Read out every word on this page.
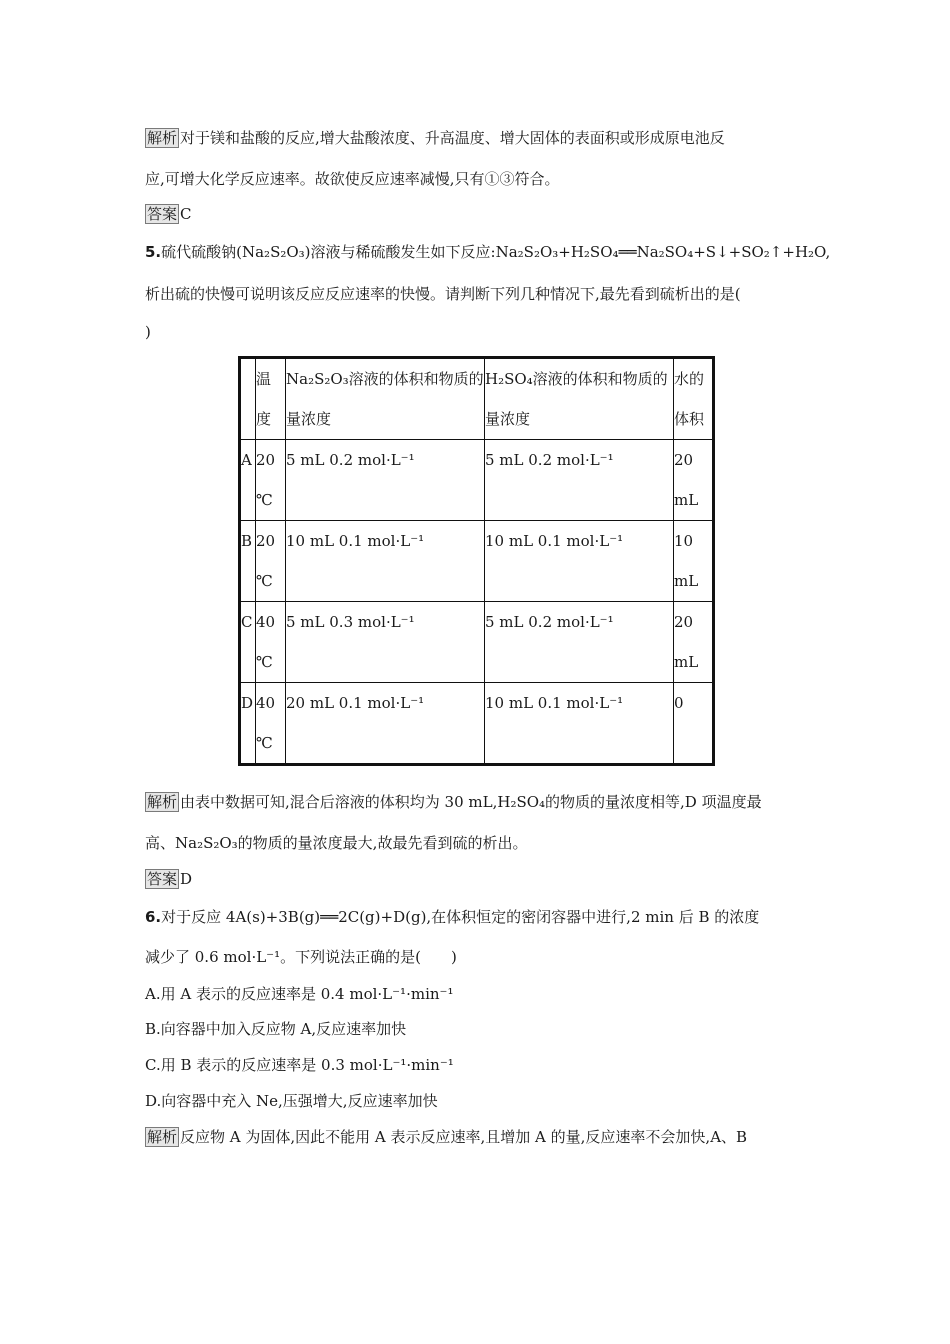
解析 对于镁和盐酸的反应,增大盐酸浓度、升高温度、增大固体的表面积或形成原电池反
应,可增大化学反应速率。故欲使反应速率减慢,只有①③符合。
答案 C
5.硫代硫酸钠(Na₂S₂O₃)溶液与稀硫酸发生如下反应:Na₂S₂O₃+H₂SO₄══Na₂SO₄+S↓+SO₂↑+H₂O,
析出硫的快慢可说明该反应反应速率的快慢。请判断下列几种情况下,最先看到硫析出的是(
)
	温度	Na₂S₂O₃溶液的体积和物质的量浓度	H₂SO₄溶液的体积和物质的量浓度	水的体积
A	20 ℃	5 mL 0.2 mol·L⁻¹	5 mL 0.2 mol·L⁻¹	20 mL
B	20 ℃	10 mL 0.1 mol·L⁻¹	10 mL 0.1 mol·L⁻¹	10 mL
C	40 ℃	5 mL 0.3 mol·L⁻¹	5 mL 0.2 mol·L⁻¹	20 mL
D	40 ℃	20 mL 0.1 mol·L⁻¹	10 mL 0.1 mol·L⁻¹	0
解析 由表中数据可知,混合后溶液的体积均为 30 mL,H₂SO₄的物质的量浓度相等,D 项温度最
高、Na₂S₂O₃的物质的量浓度最大,故最先看到硫的析出。
答案 D
6.对于反应 4A(s)+3B(g)══2C(g)+D(g),在体积恒定的密闭容器中进行,2 min 后 B 的浓度
减少了 0.6 mol·L⁻¹。下列说法正确的是(　　)
A.用 A 表示的反应速率是 0.4 mol·L⁻¹·min⁻¹
B.向容器中加入反应物 A,反应速率加快
C.用 B 表示的反应速率是 0.3 mol·L⁻¹·min⁻¹
D.向容器中充入 Ne,压强增大,反应速率加快
解析 反应物 A 为固体,因此不能用 A 表示反应速率,且增加 A 的量,反应速率不会加快,A、B
